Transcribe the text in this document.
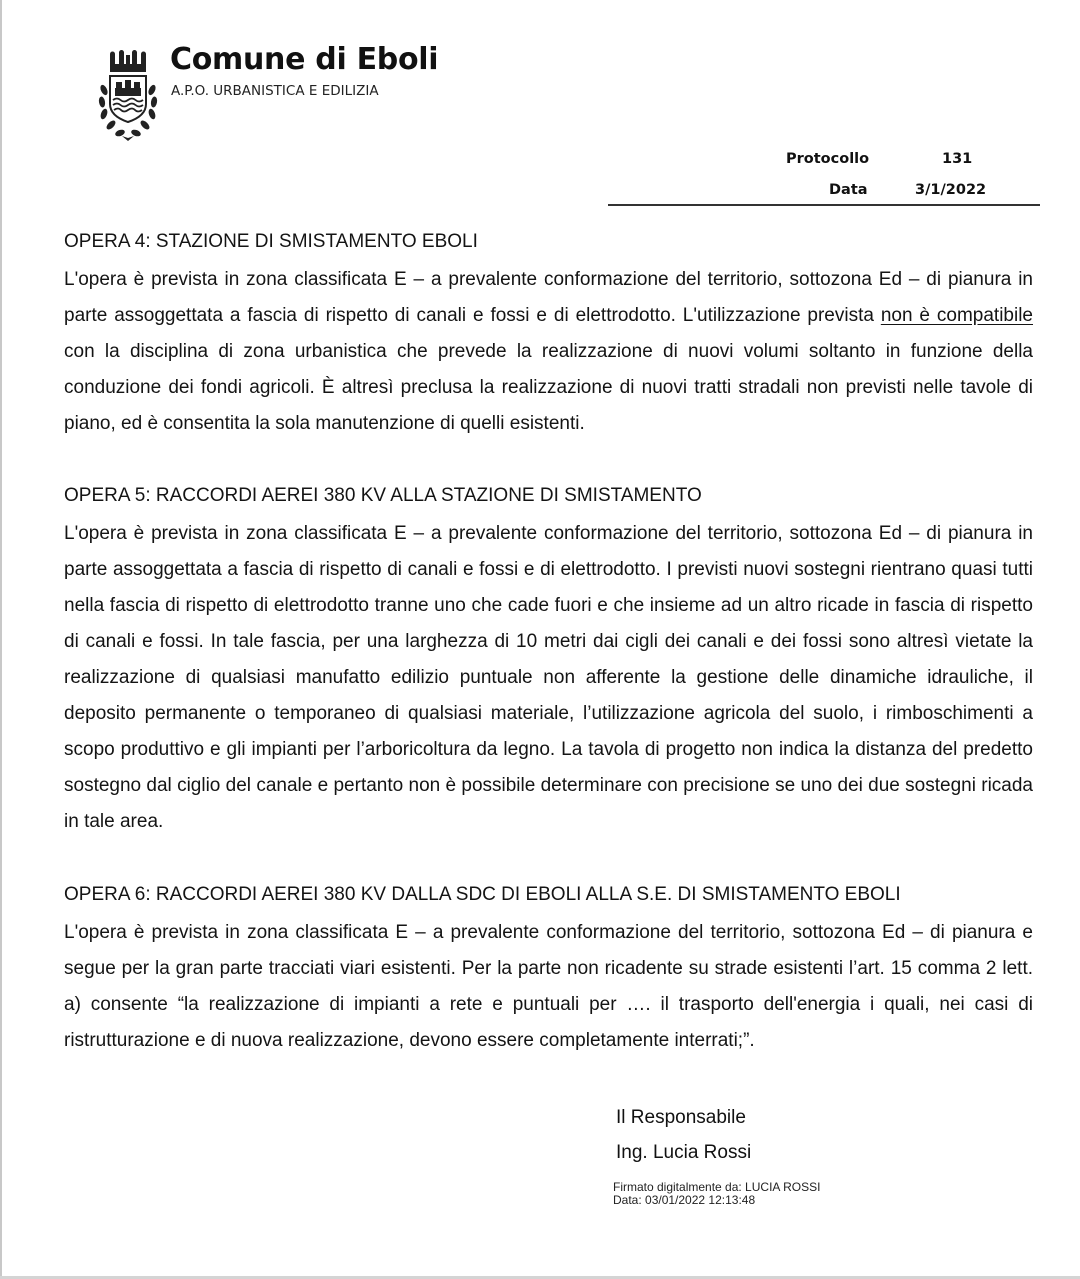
Comune di Eboli
A.P.O. URBANISTICA E EDILIZIA
Protocollo	131
Data	3/1/2022
OPERA 4: STAZIONE DI SMISTAMENTO EBOLI

L'opera è prevista in zona classificata E – a prevalente conformazione del territorio, sottozona Ed – di pianura in parte assoggettata a fascia di rispetto di canali e fossi e di elettrodotto. L'utilizzazione prevista non è compatibile con la disciplina di zona urbanistica che prevede la realizzazione di nuovi volumi soltanto in funzione della conduzione dei fondi agricoli. È altresì preclusa la realizzazione di nuovi tratti stradali non previsti nelle tavole di piano, ed è consentita la sola manutenzione di quelli esistenti.

OPERA 5: RACCORDI AEREI 380 KV ALLA STAZIONE DI SMISTAMENTO

L'opera è prevista in zona classificata E – a prevalente conformazione del territorio, sottozona Ed – di pianura in parte assoggettata a fascia di rispetto di canali e fossi e di elettrodotto. I previsti nuovi sostegni rientrano quasi tutti nella fascia di rispetto di elettrodotto tranne uno che cade fuori e che insieme ad un altro ricade in fascia di rispetto di canali e fossi. In tale fascia, per una larghezza di 10 metri dai cigli dei canali e dei fossi sono altresì vietate la realizzazione di qualsiasi manufatto edilizio puntuale non afferente la gestione delle dinamiche idrauliche, il deposito permanente o temporaneo di qualsiasi materiale, l’utilizzazione agricola del suolo, i rimboschimenti a scopo produttivo e gli impianti per l’arboricoltura da legno. La tavola di progetto non indica la distanza del predetto sostegno dal ciglio del canale e pertanto non è possibile determinare con precisione se uno dei due sostegni ricada in tale area.

OPERA 6: RACCORDI AEREI 380 KV DALLA SDC DI EBOLI ALLA S.E. DI SMISTAMENTO EBOLI

L'opera è prevista in zona classificata E – a prevalente conformazione del territorio, sottozona Ed – di pianura e segue per la gran parte tracciati viari esistenti. Per la parte non ricadente su strade esistenti l’art. 15 comma 2 lett. a) consente “la realizzazione di impianti a rete e puntuali per …. il trasporto dell'energia i quali, nei casi di ristrutturazione e di nuova realizzazione, devono essere completamente interrati;”.

Il Responsabile
Ing. Lucia Rossi
Firmato digitalmente da: LUCIA ROSSI
Data: 03/01/2022 12:13:48
